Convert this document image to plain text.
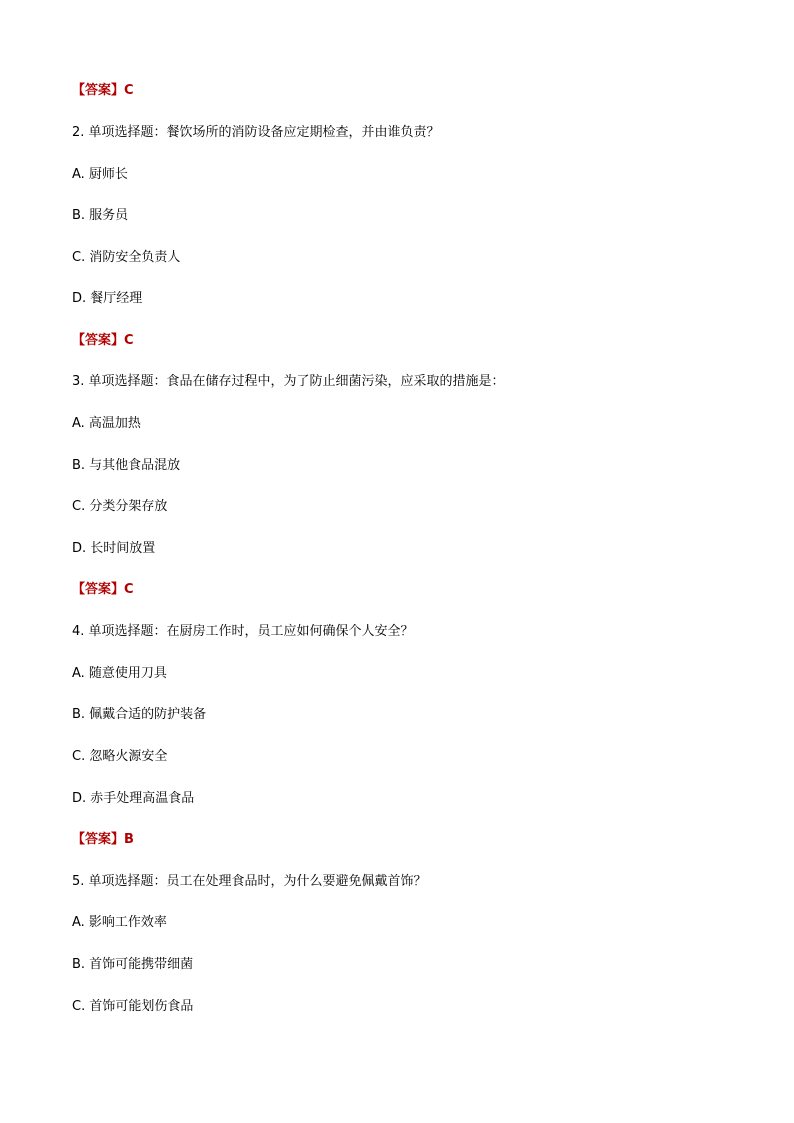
【答案】C
2. 单项选择题：餐饮场所的消防设备应定期检查，并由谁负责？
A. 厨师长
B. 服务员
C. 消防安全负责人
D. 餐厅经理
【答案】C
3. 单项选择题：食品在储存过程中，为了防止细菌污染，应采取的措施是：
A. 高温加热
B. 与其他食品混放
C. 分类分架存放
D. 长时间放置
【答案】C
4. 单项选择题：在厨房工作时，员工应如何确保个人安全？
A. 随意使用刀具
B. 佩戴合适的防护装备
C. 忽略火源安全
D. 赤手处理高温食品
【答案】B
5. 单项选择题：员工在处理食品时，为什么要避免佩戴首饰？
A. 影响工作效率
B. 首饰可能携带细菌
C. 首饰可能划伤食品
